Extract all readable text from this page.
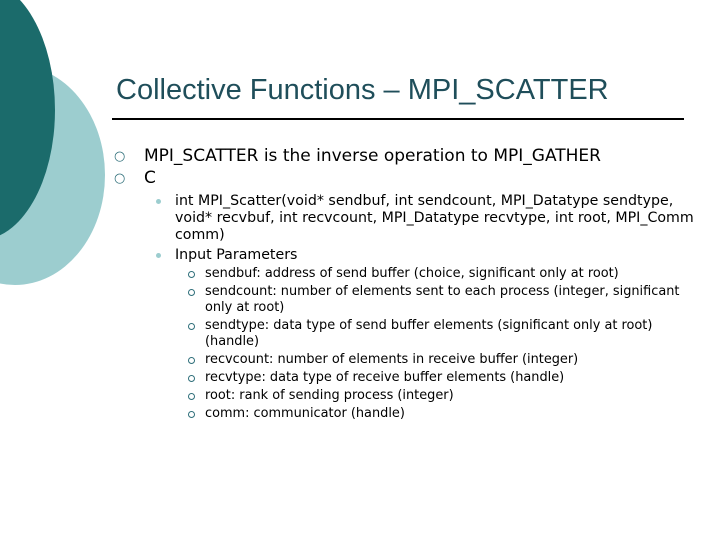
Collective Functions – MPI_SCATTER
○ MPI_SCATTER is the inverse operation to MPI_GATHER
○ C
int MPI_Scatter(void* sendbuf, int sendcount, MPI_Datatype sendtype, void* recvbuf, int recvcount, MPI_Datatype recvtype, int root, MPI_Comm comm)
Input Parameters
sendbuf: address of send buffer (choice, significant only at root)
sendcount: number of elements sent to each process (integer, significant only at root)
sendtype: data type of send buffer elements (significant only at root) (handle)
recvcount: number of elements in receive buffer (integer)
recvtype: data type of receive buffer elements (handle)
root: rank of sending process (integer)
comm: communicator (handle)
